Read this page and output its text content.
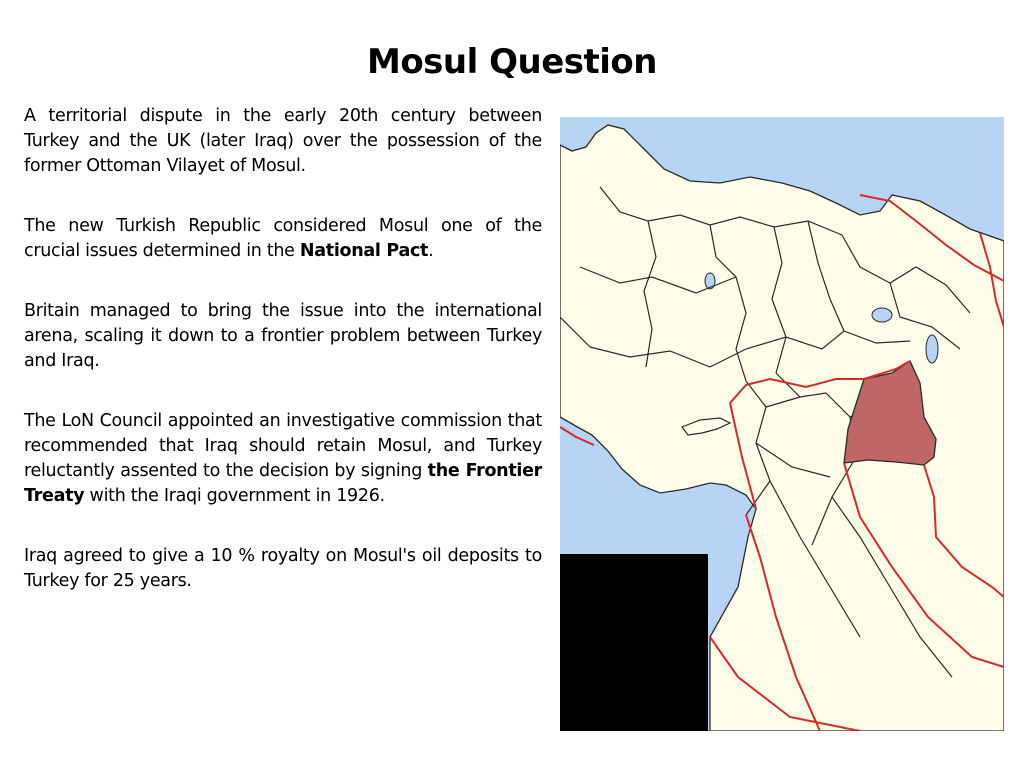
Mosul Question

A territorial dispute in the early 20th century between Turkey and the UK (later Iraq) over the possession of the former Ottoman Vilayet of Mosul.

The new Turkish Republic considered Mosul one of the crucial issues determined in the National Pact.

Britain managed to bring the issue into the international arena, scaling it down to a frontier problem between Turkey and Iraq.

The LoN Council appointed an investigative commission that recommended that Iraq should retain Mosul, and Turkey reluctantly assented to the decision by signing the Frontier Treaty with the Iraqi government in 1926.

Iraq agreed to give a 10 % royalty on Mosul's oil deposits to Turkey for 25 years.
